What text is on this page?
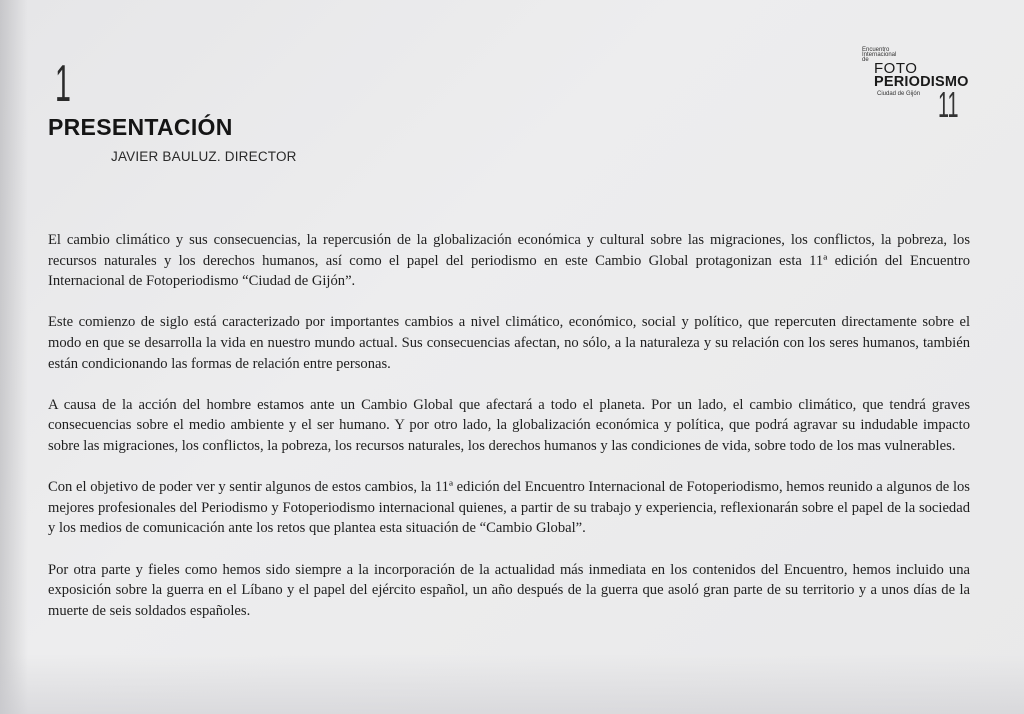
1
PRESENTACIÓN
JAVIER BAULUZ. DIRECTOR
Encuentro
Internacional
de FOTO
PERIODISMO
Ciudad de Gijón 11

El cambio climático y sus consecuencias, la repercusión de la globalización económica y cultural sobre las migraciones, los conflictos, la pobreza, los recursos naturales y los derechos humanos, así como el papel del periodismo en este Cambio Global protagonizan esta 11ª edición del Encuentro Internacional de Fotoperiodismo “Ciudad de Gijón”.

Este comienzo de siglo está caracterizado por importantes cambios a nivel climático, económico, social y político, que repercuten directamente sobre el modo en que se desarrolla la vida en nuestro mundo actual. Sus consecuencias afectan, no sólo, a la naturaleza y su relación con los seres humanos, también están condicionando las formas de relación entre personas.

A causa de la acción del hombre estamos ante un Cambio Global que afectará a todo el planeta. Por un lado, el cambio climático, que tendrá graves consecuencias sobre el medio ambiente y el ser humano. Y por otro lado, la globalización económica y política, que podrá agravar su indudable impacto sobre las migraciones, los conflictos, la pobreza, los recursos naturales, los derechos humanos y las condiciones de vida, sobre todo de los mas vulnerables.

Con el objetivo de poder ver y sentir algunos de estos cambios, la 11ª edición del Encuentro Internacional de Fotoperiodismo, hemos reunido a algunos de los mejores profesionales del Periodismo y Fotoperiodismo internacional quienes, a partir de su trabajo y experiencia, reflexionarán sobre el papel de la sociedad y los medios de comunicación ante los retos que plantea esta situación de “Cambio Global”.

Por otra parte y fieles como hemos sido siempre a la incorporación de la actualidad más inmediata en los contenidos del Encuentro, hemos incluido una exposición sobre la guerra en el Líbano y el papel del ejército español, un año después de la guerra que asoló gran parte de su territorio y a unos días de la muerte de seis soldados españoles.
